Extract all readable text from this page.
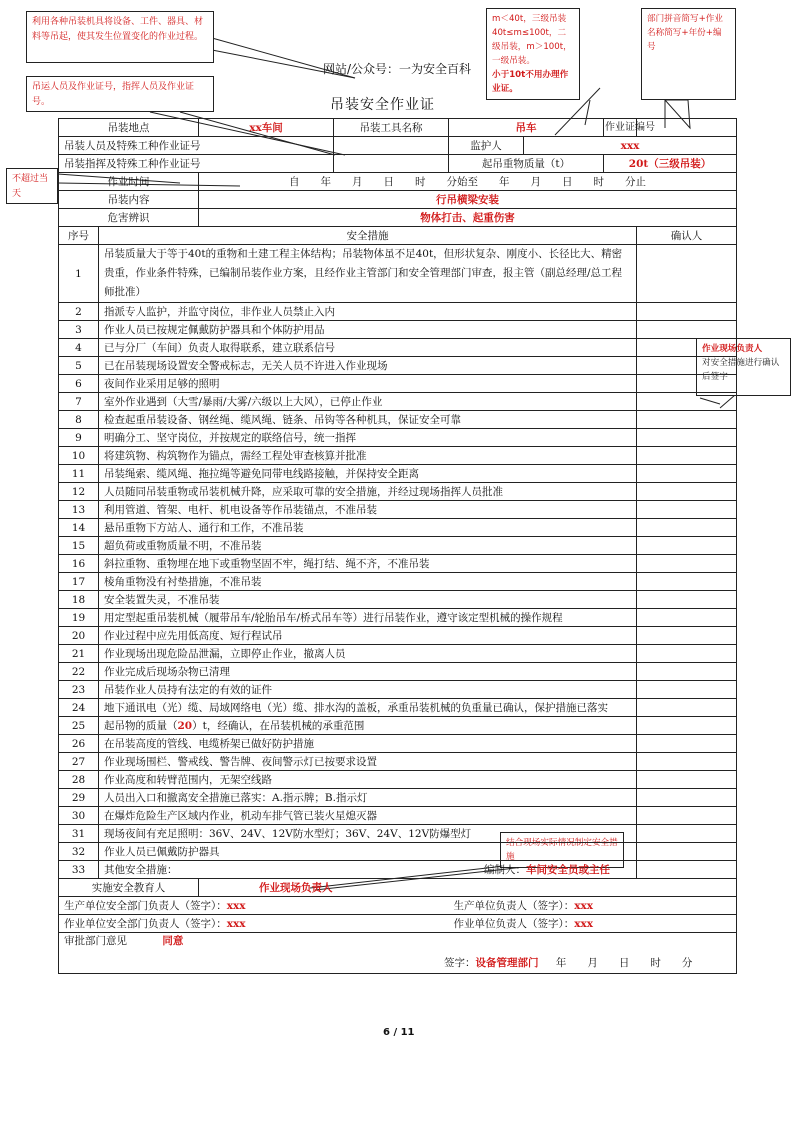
利用各种吊装机具将设备、工件、器具、材料等吊起，使其发生位置变化的作业过程。
吊运人员及作业证号，指挥人员及作业证号。
m＜40t，三级吊装 40t≤m≤100t，二级吊装，m＞100t，一级吊装。
小于10t不用办理作业证。
部门拼音简写+作业名称简写+年份+编号
不超过当天
作业现场负责人
对安全措施进行确认后签字
结合现场实际情况制定安全措施
网站/公众号：一为安全百科
吊装安全作业证
吊装地点		xx车间	吊装工具名称	吊车		作业证编号	
吊装人员及特殊工种作业证号				监护人	xxx		
吊装指挥及特殊工种作业证号				起吊重物质量（t）		20t（三级吊装）	
作业时间		自　　年　　月　　日　　时　　分始至　　年　　月　　日　　时　　分止					
吊装内容		行吊横梁安装					
危害辨识		物体打击、起重伤害					
序号	安全措施						确认人
1	吊装质量大于等于40t的重物和土建工程主体结构；吊装物体虽不足40t，但形状复杂、刚度小、长径比大、精密贵重，作业条件特殊，已编制吊装作业方案，且经作业主管部门和安全管理部门审查，报主管（副总经理/总工程师批准）						
2	指派专人监护，并监守岗位，非作业人员禁止入内						
3	作业人员已按规定佩戴防护器具和个体防护用品						
4	已与分厂（车间）负责人取得联系，建立联系信号						
5	已在吊装现场设置安全警戒标志，无关人员不许进入作业现场						
6	夜间作业采用足够的照明						
7	室外作业遇到（大雪/暴雨/大雾/六级以上大风），已停止作业						
8	检查起重吊装设备、钢丝绳、缆风绳、链条、吊钩等各种机具，保证安全可靠						
9	明确分工、坚守岗位，并按规定的联络信号，统一指挥						
10	将建筑物、构筑物作为锚点，需经工程处审查核算并批准						
11	吊装绳索、缆风绳、拖拉绳等避免同带电线路接触，并保持安全距离						
12	人员随同吊装重物或吊装机械升降，应采取可靠的安全措施，并经过现场指挥人员批准						
13	利用管道、管架、电杆、机电设备等作吊装锚点，不准吊装						
14	悬吊重物下方站人、通行和工作，不准吊装						
15	超负荷或重物质量不明，不准吊装						
16	斜拉重物、重物埋在地下或重物坚固不牢，绳打结、绳不齐，不准吊装						
17	棱角重物没有衬垫措施，不准吊装						
18	安全装置失灵，不准吊装						
19	用定型起重吊装机械（履带吊车/轮胎吊车/桥式吊车等）进行吊装作业，遵守该定型机械的操作规程						
20	作业过程中应先用低高度、短行程试吊						
21	作业现场出现危险品泄漏，立即停止作业，撤离人员						
22	作业完成后现场杂物已清理						
23	吊装作业人员持有法定的有效的证件						
24	地下通讯电（光）缆、局域网络电（光）缆、排水沟的盖板，承重吊装机械的负重量已确认，保护措施已落实						
25	起吊物的质量（20）t，经确认，在吊装机械的承重范围						
26	在吊装高度的管线、电缆桥架已做好防护措施						
27	作业现场围栏、警戒线、警告牌、夜间警示灯已按要求设置						
28	作业高度和转臂范围内，无架空线路						
29	人员出入口和撤离安全措施已落实：A.指示牌；B.指示灯						
30	在爆炸危险生产区域内作业，机动车排气管已装火星熄灭器						
31	现场夜间有充足照明：36V、24V、12V防水型灯；36V、24V、12V防爆型灯						
32	作业人员已佩戴防护器具						
33	其他安全措施： 编制人：车间安全员或主任						

实施安全教育人		作业现场负责人					
生产单位安全部门负责人（签字）：xxx				生产单位负责人（签字）：xxx			
作业单位安全部门负责人（签字）：xxx				作业单位负责人（签字）：xxx			
审批部门意见 同意
签字：设备管理部门 年　　月　　日　　时　　分							
6 / 11
